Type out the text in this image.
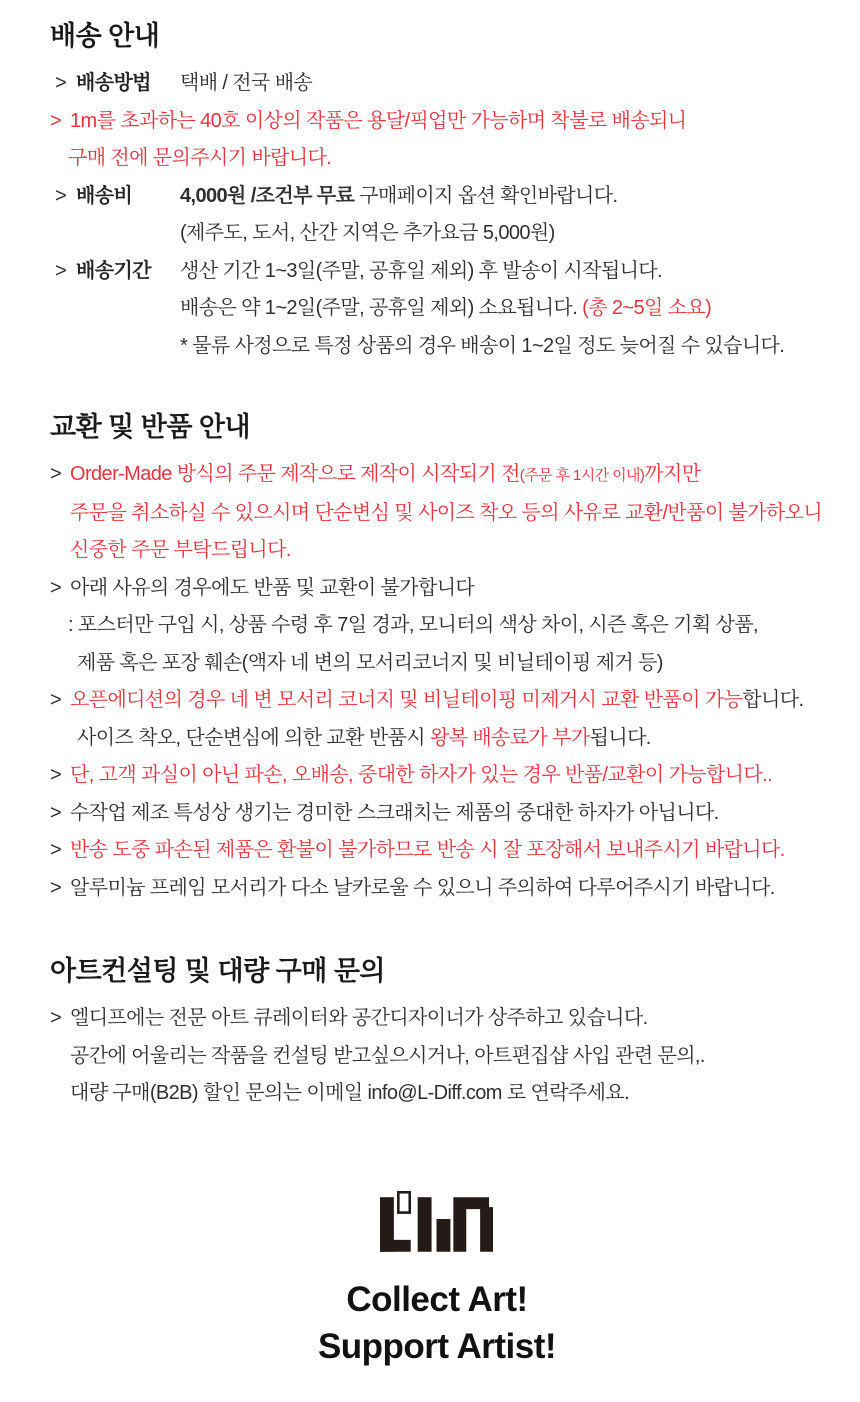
배송 안내
> 배송방법	택배 / 전국 배송
> 1m를 초과하는 40호 이상의 작품은 용달/픽업만 가능하며 착불로 배송되니
구매 전에 문의주시기 바랍니다.
> 배송비	4,000원 /조건부 무료 구매페이지 옵션 확인바랍니다.
(제주도, 도서, 산간 지역은 추가요금 5,000원)
> 배송기간	생산 기간 1~3일(주말, 공휴일 제외) 후 발송이 시작됩니다.
배송은 약 1~2일(주말, 공휴일 제외) 소요됩니다. (총 2~5일 소요)
* 물류 사정으로 특정 상품의 경우 배송이 1~2일 정도 늦어질 수 있습니다.
교환 및 반품 안내
> Order-Made 방식의 주문 제작으로 제작이 시작되기 전(주문 후 1시간 이내)까지만
주문을 취소하실 수 있으시며 단순변심 및 사이즈 착오 등의 사유로 교환/반품이 불가하오니
신중한 주문 부탁드립니다.
> 아래 사유의 경우에도 반품 및 교환이 불가합니다
: 포스터만 구입 시, 상품 수령 후 7일 경과, 모니터의 색상 차이, 시즌 혹은 기획 상품,
제품 혹은 포장 훼손(액자 네 변의 모서리코너지 및 비닐테이핑 제거 등)
> 오픈에디션의 경우 네 변 모서리 코너지 및 비닐테이핑 미제거시 교환 반품이 가능합니다.
사이즈 착오, 단순변심에 의한 교환 반품시 왕복 배송료가 부가됩니다.
> 단, 고객 과실이 아닌 파손, 오배송, 중대한 하자가 있는 경우 반품/교환이 가능합니다..
> 수작업 제조 특성상 생기는 경미한 스크래치는 제품의 중대한 하자가 아닙니다.
> 반송 도중 파손된 제품은 환불이 불가하므로 반송 시 잘 포장해서 보내주시기 바랍니다.
> 알루미늄 프레임 모서리가 다소 날카로울 수 있으니 주의하여 다루어주시기 바랍니다.
아트컨설팅 및 대량 구매 문의
> 엘디프에는 전문 아트 큐레이터와 공간디자이너가 상주하고 있습니다.
공간에 어울리는 작품을 컨설팅 받고싶으시거나, 아트편집샵 사입 관련 문의,.
대량 구매(B2B) 할인 문의는 이메일 info@L-Diff.com 로 연락주세요.
Collect Art!
Support Artist!
